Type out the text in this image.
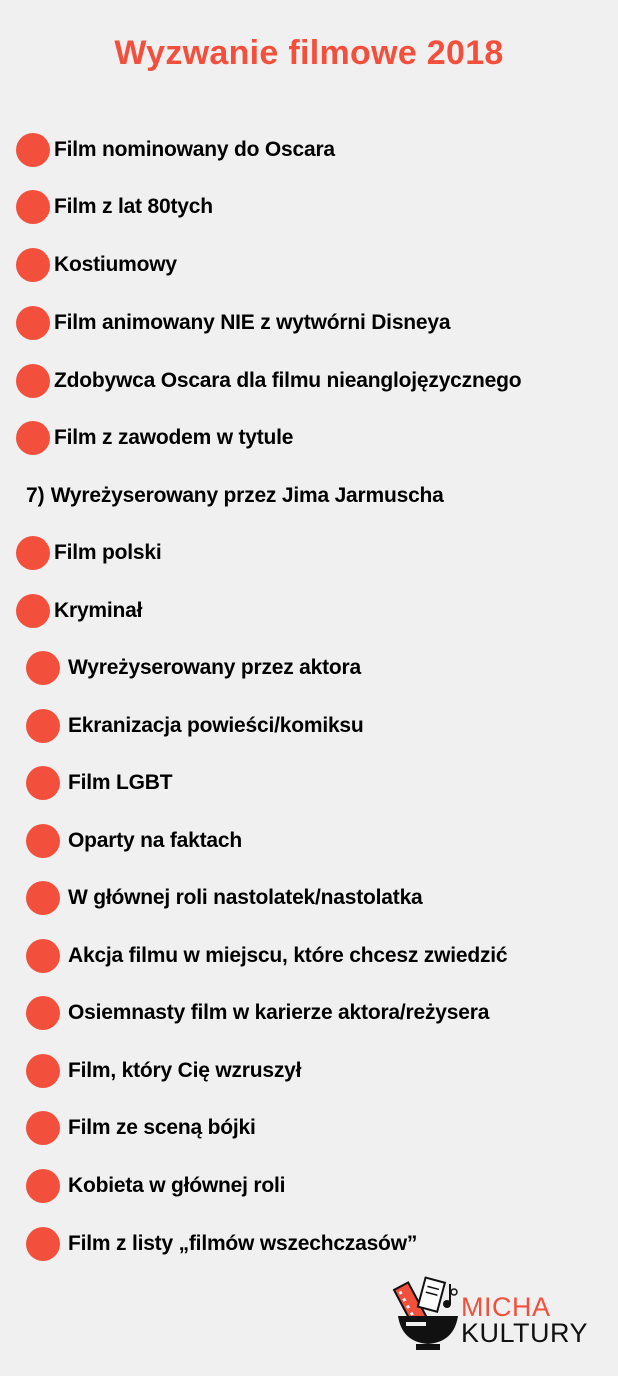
Wyzwanie filmowe 2018
Film nominowany do Oscara
Film z lat 80tych
Kostiumowy
Film animowany NIE z wytwórni Disneya
Zdobywca Oscara dla filmu nieanglojęzycznego
Film z zawodem w tytule
7) Wyreżyserowany przez Jima Jarmuscha
Film polski
Kryminał
Wyreżyserowany przez aktora
Ekranizacja powieści/komiksu
Film LGBT
Oparty na faktach
W głównej roli nastolatek/nastolatka
Akcja filmu w miejscu, które chcesz zwiedzić
Osiemnasty film w karierze aktora/reżysera
Film, który Cię wzruszył
Film ze sceną bójki
Kobieta w głównej roli
Film z listy „filmów wszechczasów”
MICHA
KULTURY
